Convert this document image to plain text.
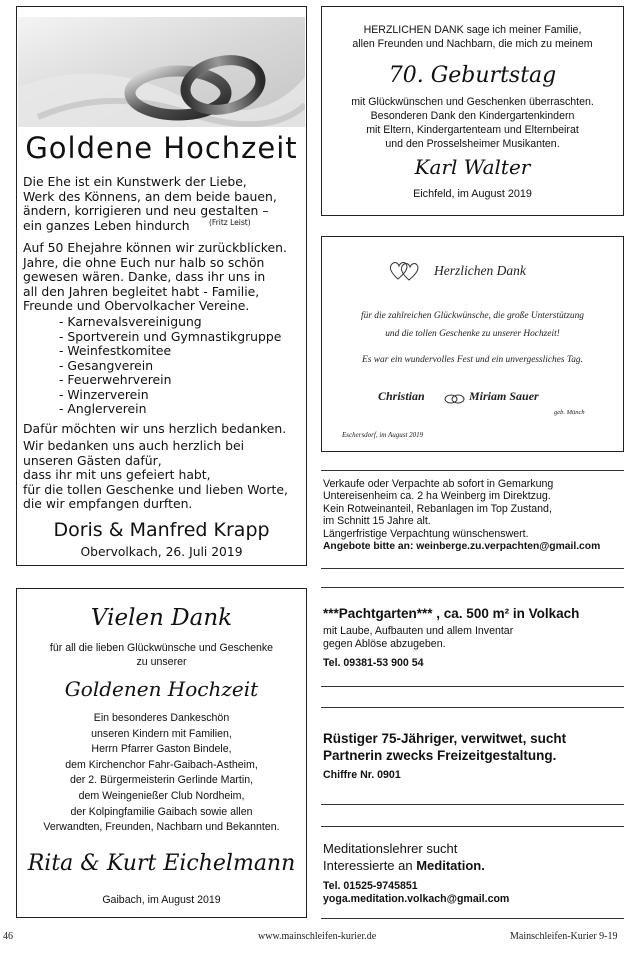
Goldene Hochzeit
Die Ehe ist ein Kunstwerk der Liebe,
Werk des Könnens, an dem beide bauen,
ändern, korrigieren und neu gestalten –
ein ganzes Leben hindurch	(Fritz Leist)
Auf 50 Ehejahre können wir zurückblicken.
Jahre, die ohne Euch nur halb so schön
gewesen wären. Danke, dass ihr uns in
all den Jahren begleitet habt - Familie,
Freunde und Obervolkacher Vereine.
- Karnevalsvereinigung
- Sportverein und Gymnastikgruppe
- Weinfestkomitee
- Gesangverein
- Feuerwehrverein
- Winzerverein
- Anglerverein
Dafür möchten wir uns herzlich bedanken.
Wir bedanken uns auch herzlich bei
unseren Gästen dafür,
dass ihr mit uns gefeiert habt,
für die tollen Geschenke und lieben Worte,
die wir empfangen durften.
Doris & Manfred Krapp
Obervolkach, 26. Juli 2019
HERZLICHEN DANK sage ich meiner Familie,
allen Freunden und Nachbarn, die mich zu meinem
70. Geburtstag
mit Glückwünschen und Geschenken überraschten.
Besonderen Dank den Kindergartenkindern
mit Eltern, Kindergartenteam und Elternbeirat
und den Prosselsheimer Musikanten.
Karl Walter
Eichfeld, im August 2019
Herzlichen Dank
für die zahlreichen Glückwünsche, die große Unterstützung
und die tollen Geschenke zu unserer Hochzeit!
Es war ein wundervolles Fest und ein unvergessliches Tag.
Christian	Miriam Sauer
geb. Münch
Eschersdorf, im August 2019
Verkaufe oder Verpachte ab sofort in Gemarkung
Untereisenheim ca. 2 ha Weinberg im Direktzug.
Kein Rotweinanteil, Rebanlagen im Top Zustand,
im Schnitt 15 Jahre alt.
Längerfristige Verpachtung wünschenswert.
Angebote bitte an: weinberge.zu.verpachten@gmail.com
***Pachtgarten*** , ca. 500 m² in Volkach
mit Laube, Aufbauten und allem Inventar
gegen Ablöse abzugeben.
Tel. 09381-53 900 54
Rüstiger 75-Jähriger, verwitwet, sucht
Partnerin zwecks Freizeitgestaltung.
Chiffre Nr. 0901
Meditationslehrer sucht
Interessierte an Meditation.
Tel. 01525-9745851
yoga.meditation.volkach@gmail.com
Vielen Dank
für all die lieben Glückwünsche und Geschenke
zu unserer
Goldenen Hochzeit
Ein besonderes Dankeschön
unseren Kindern mit Familien,
Herrn Pfarrer Gaston Bindele,
dem Kirchenchor Fahr-Gaibach-Astheim,
der 2. Bürgermeisterin Gerlinde Martin,
dem Weingenießer Club Nordheim,
der Kolpingfamilie Gaibach sowie allen
Verwandten, Freunden, Nachbarn und Bekannten.
Rita & Kurt Eichelmann
Gaibach, im August 2019
46	www.mainschleifen-kurier.de	Mainschleifen-Kurier 9-19
